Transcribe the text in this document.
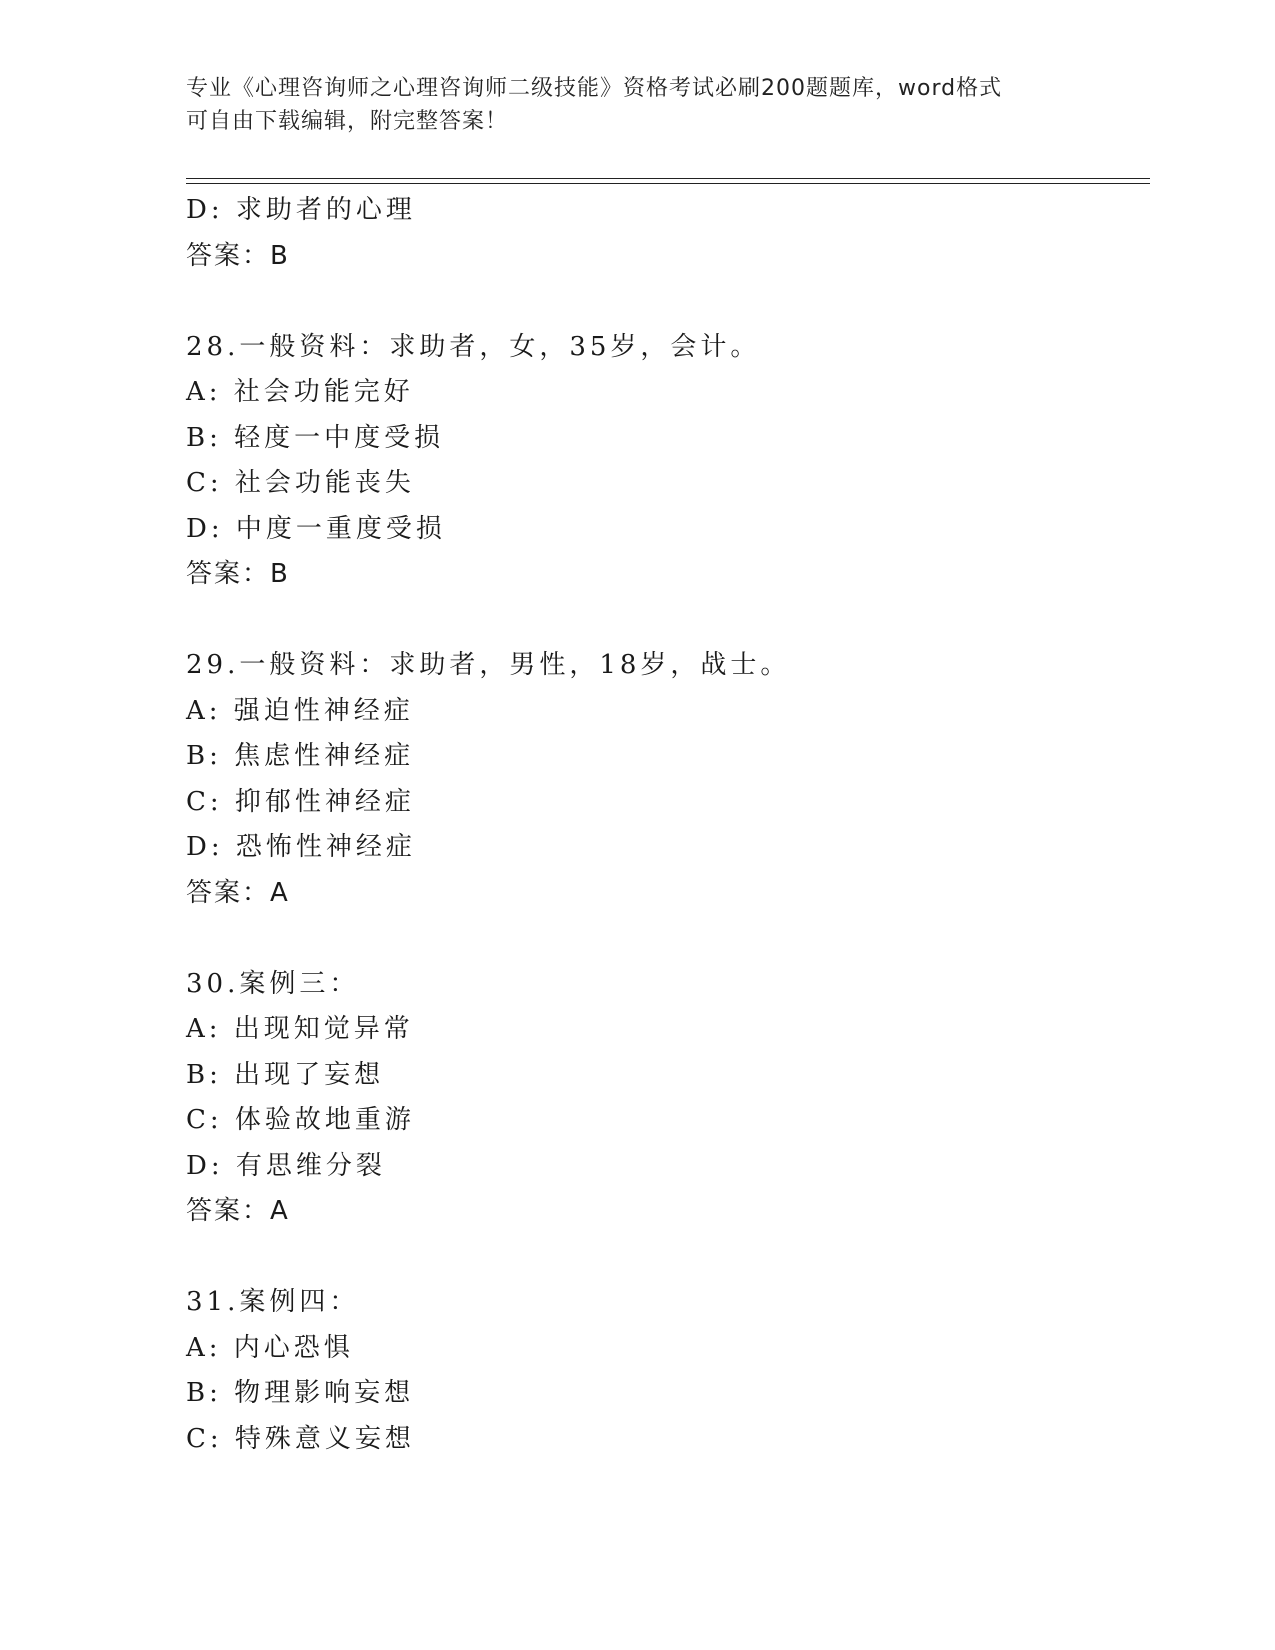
专业《心理咨询师之心理咨询师二级技能》资格考试必刷200题题库，word格式
可自由下载编辑，附完整答案！
D: 求助者的心理
答案：B
28.一般资料：求助者，女，35岁，会计。
A: 社会功能完好
B: 轻度一中度受损
C: 社会功能丧失
D: 中度一重度受损
答案：B
29.一般资料：求助者，男性，18岁，战士。
A: 强迫性神经症
B: 焦虑性神经症
C: 抑郁性神经症
D: 恐怖性神经症
答案：A
30.案例三：
A: 出现知觉异常
B: 出现了妄想
C: 体验故地重游
D: 有思维分裂
答案：A
31.案例四：
A: 内心恐惧
B: 物理影响妄想
C: 特殊意义妄想
